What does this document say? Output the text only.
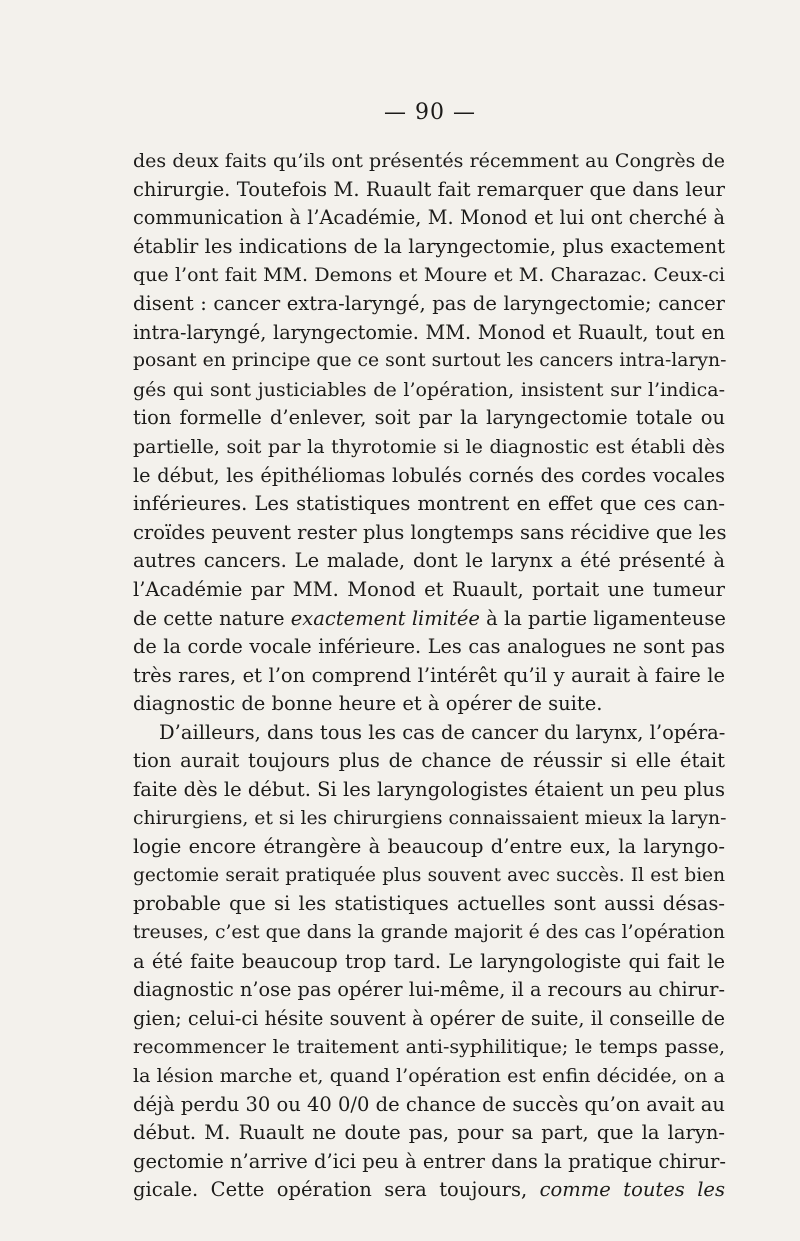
— 90 —
des deux faits qu’ils ont présentés récemment au Congrès de
chirurgie. Toutefois M. Ruault fait remarquer que dans leur
communication à l’Académie, M. Monod et lui ont cherché à
établir les indications de la laryngectomie, plus exactement
que l’ont fait MM. Demons et Moure et M. Charazac. Ceux-ci
disent : cancer extra-laryngé, pas de laryngectomie; cancer
intra-laryngé, laryngectomie. MM. Monod et Ruault, tout en
posant en principe que ce sont surtout les cancers intra-laryn-
gés qui sont justiciables de l’opération, insistent sur l’indica-
tion formelle d’enlever, soit par la laryngectomie totale ou
partielle, soit par la thyrotomie si le diagnostic est établi dès
le début, les épithéliomas lobulés cornés des cordes vocales
inférieures. Les statistiques montrent en effet que ces can-
croïdes peuvent rester plus longtemps sans récidive que les
autres cancers. Le malade, dont le larynx a été présenté à
l’Académie par MM. Monod et Ruault, portait une tumeur
de cette nature exactement limitée à la partie ligamenteuse
de la corde vocale inférieure. Les cas analogues ne sont pas
très rares, et l’on comprend l’intérêt qu’il y aurait à faire le
diagnostic de bonne heure et à opérer de suite.
D’ailleurs, dans tous les cas de cancer du larynx, l’opéra-
tion aurait toujours plus de chance de réussir si elle était
faite dès le début. Si les laryngologistes étaient un peu plus
chirurgiens, et si les chirurgiens connaissaient mieux la laryn-
logie encore étrangère à beaucoup d’entre eux, la laryngo-
gectomie serait pratiquée plus souvent avec succès. Il est bien
probable que si les statistiques actuelles sont aussi désas-
treuses, c’est que dans la grande majorit é des cas l’opération
a été faite beaucoup trop tard. Le laryngologiste qui fait le
diagnostic n’ose pas opérer lui-même, il a recours au chirur-
gien; celui-ci hésite souvent à opérer de suite, il conseille de
recommencer le traitement anti-syphilitique; le temps passe,
la lésion marche et, quand l’opération est enfin décidée, on a
déjà perdu 30 ou 40 0/0 de chance de succès qu’on avait au
début. M. Ruault ne doute pas, pour sa part, que la laryn-
gectomie n’arrive d’ici peu à entrer dans la pratique chirur-
gicale. Cette opération sera toujours, comme toutes les
